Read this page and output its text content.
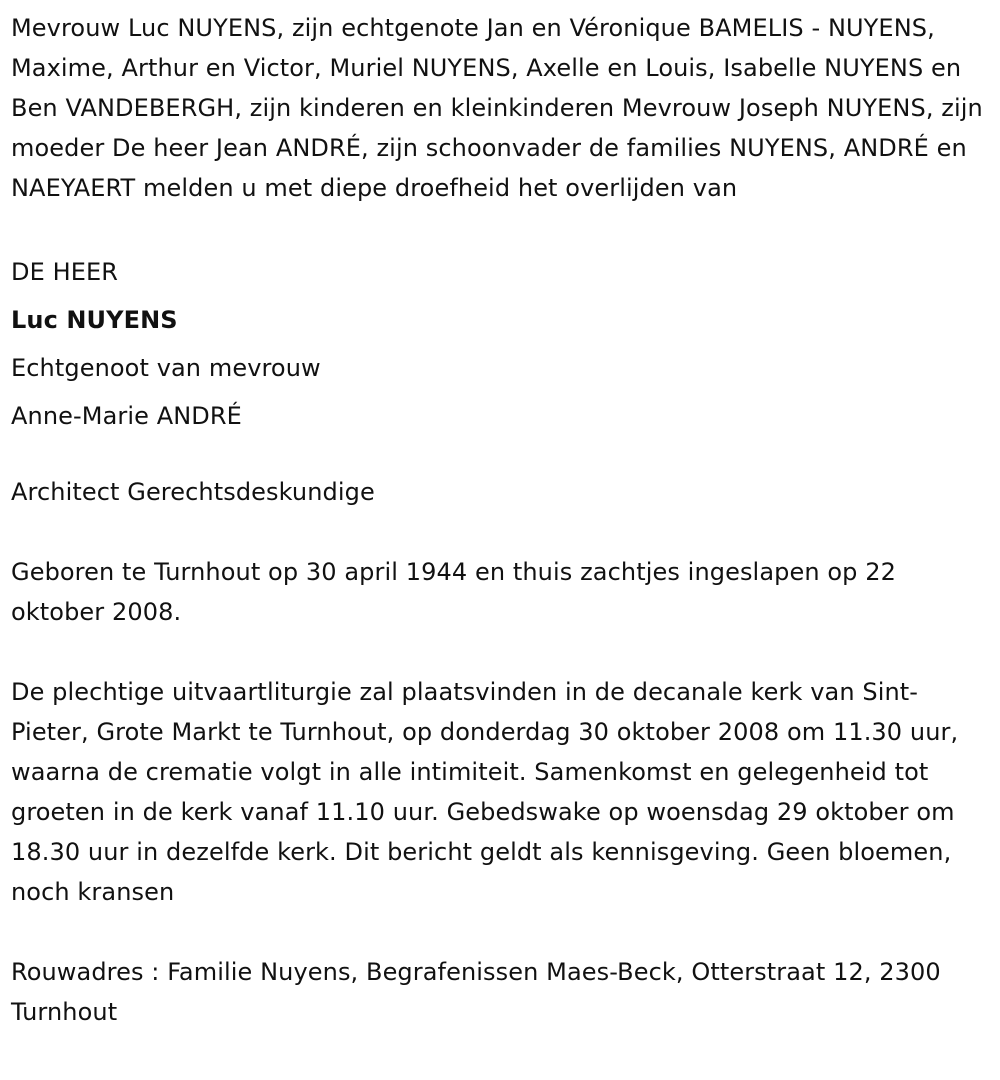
Mevrouw Luc NUYENS, zijn echtgenote Jan en Véronique BAMELIS - NUYENS, Maxime, Arthur en Victor, Muriel NUYENS, Axelle en Louis, Isabelle NUYENS en Ben VANDEBERGH, zijn kinderen en kleinkinderen Mevrouw Joseph NUYENS, zijn moeder De heer Jean ANDRÉ, zijn schoonvader de families NUYENS, ANDRÉ en NAEYAERT melden u met diepe droefheid het overlijden van

DE HEER

Luc NUYENS

Echtgenoot van mevrouw

Anne-Marie ANDRÉ

Architect Gerechtsdeskundige

Geboren te Turnhout op 30 april 1944 en thuis zachtjes ingeslapen op 22 oktober 2008.

De plechtige uitvaartliturgie zal plaatsvinden in de decanale kerk van Sint-Pieter, Grote Markt te Turnhout, op donderdag 30 oktober 2008 om 11.30 uur, waarna de crematie volgt in alle intimiteit. Samenkomst en gelegenheid tot groeten in de kerk vanaf 11.10 uur. Gebedswake op woensdag 29 oktober om 18.30 uur in dezelfde kerk. Dit bericht geldt als kennisgeving. Geen bloemen, noch kransen

Rouwadres : Familie Nuyens, Begrafenissen Maes-Beck, Otterstraat 12, 2300 Turnhout
